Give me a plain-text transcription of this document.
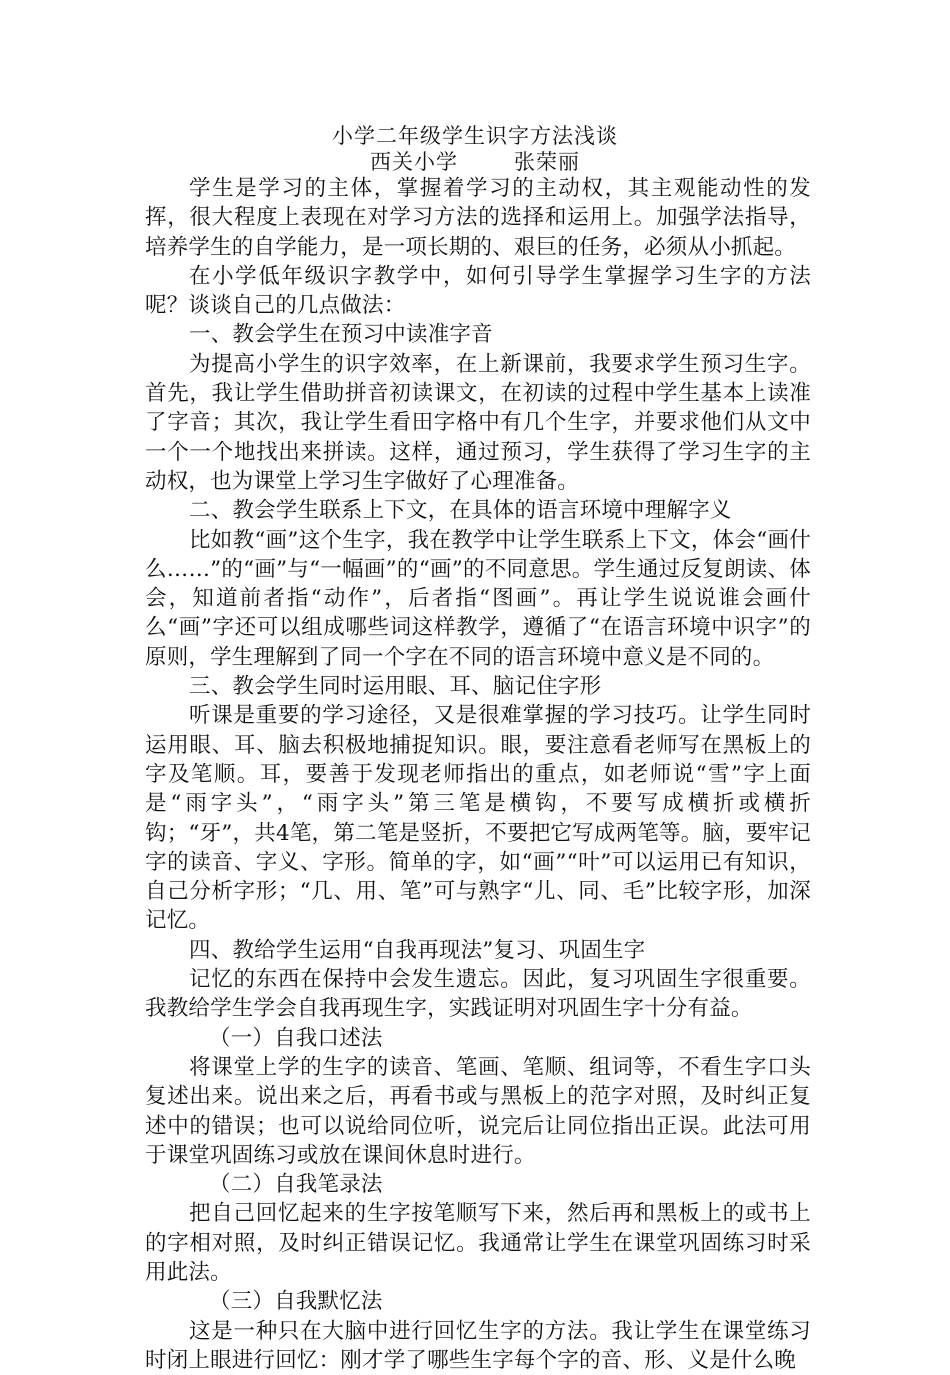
小学二年级学生识字方法浅谈
西关小学	张荣丽

学生是学习的主体，掌握着学习的主动权，其主观能动性的发挥，很大程度上表现在对学习方法的选择和运用上。加强学法指导，培养学生的自学能力，是一项长期的、艰巨的任务，必须从小抓起。

在小学低年级识字教学中，如何引导学生掌握学习生字的方法呢？谈谈自己的几点做法：

一、教会学生在预习中读准字音

为提高小学生的识字效率，在上新课前，我要求学生预习生字。首先，我让学生借助拼音初读课文，在初读的过程中学生基本上读准了字音；其次，我让学生看田字格中有几个生字，并要求他们从文中一个一个地找出来拼读。这样，通过预习，学生获得了学习生字的主动权，也为课堂上学习生字做好了心理准备。

二、教会学生联系上下文，在具体的语言环境中理解字义

比如教“画”这个生字，我在教学中让学生联系上下文，体会“画什么……”的“画”与“一幅画”的“画”的不同意思。学生通过反复朗读、体会，知道前者指“动作”，后者指“图画”。再让学生说说谁会画什么“画”字还可以组成哪些词这样教学，遵循了“在语言环境中识字”的原则，学生理解到了同一个字在不同的语言环境中意义是不同的。

三、教会学生同时运用眼、耳、脑记住字形

听课是重要的学习途径，又是很难掌握的学习技巧。让学生同时运用眼、耳、脑去积极地捕捉知识。眼，要注意看老师写在黑板上的字及笔顺。耳，要善于发现老师指出的重点，如老师说“雪”字上面是“雨字头”，“雨字头”第三笔是横钩，不要写成横折或横折钩；“牙”，共4笔，第二笔是竖折，不要把它写成两笔等。脑，要牢记字的读音、字义、字形。简单的字，如“画”“叶”可以运用已有知识，自己分析字形；“几、用、笔”可与熟字“儿、同、毛”比较字形，加深记忆。

四、教给学生运用“自我再现法”复习、巩固生字

记忆的东西在保持中会发生遗忘。因此，复习巩固生字很重要。我教给学生学会自我再现生字，实践证明对巩固生字十分有益。

（一）自我口述法

将课堂上学的生字的读音、笔画、笔顺、组词等，不看生字口头复述出来。说出来之后，再看书或与黑板上的范字对照，及时纠正复述中的错误；也可以说给同位听，说完后让同位指出正误。此法可用于课堂巩固练习或放在课间休息时进行。

（二）自我笔录法

把自己回忆起来的生字按笔顺写下来，然后再和黑板上的或书上的字相对照，及时纠正错误记忆。我通常让学生在课堂巩固练习时采用此法。

（三）自我默忆法

这是一种只在大脑中进行回忆生字的方法。我让学生在课堂练习时闭上眼进行回忆：刚才学了哪些生字每个字的音、形、义是什么晚
